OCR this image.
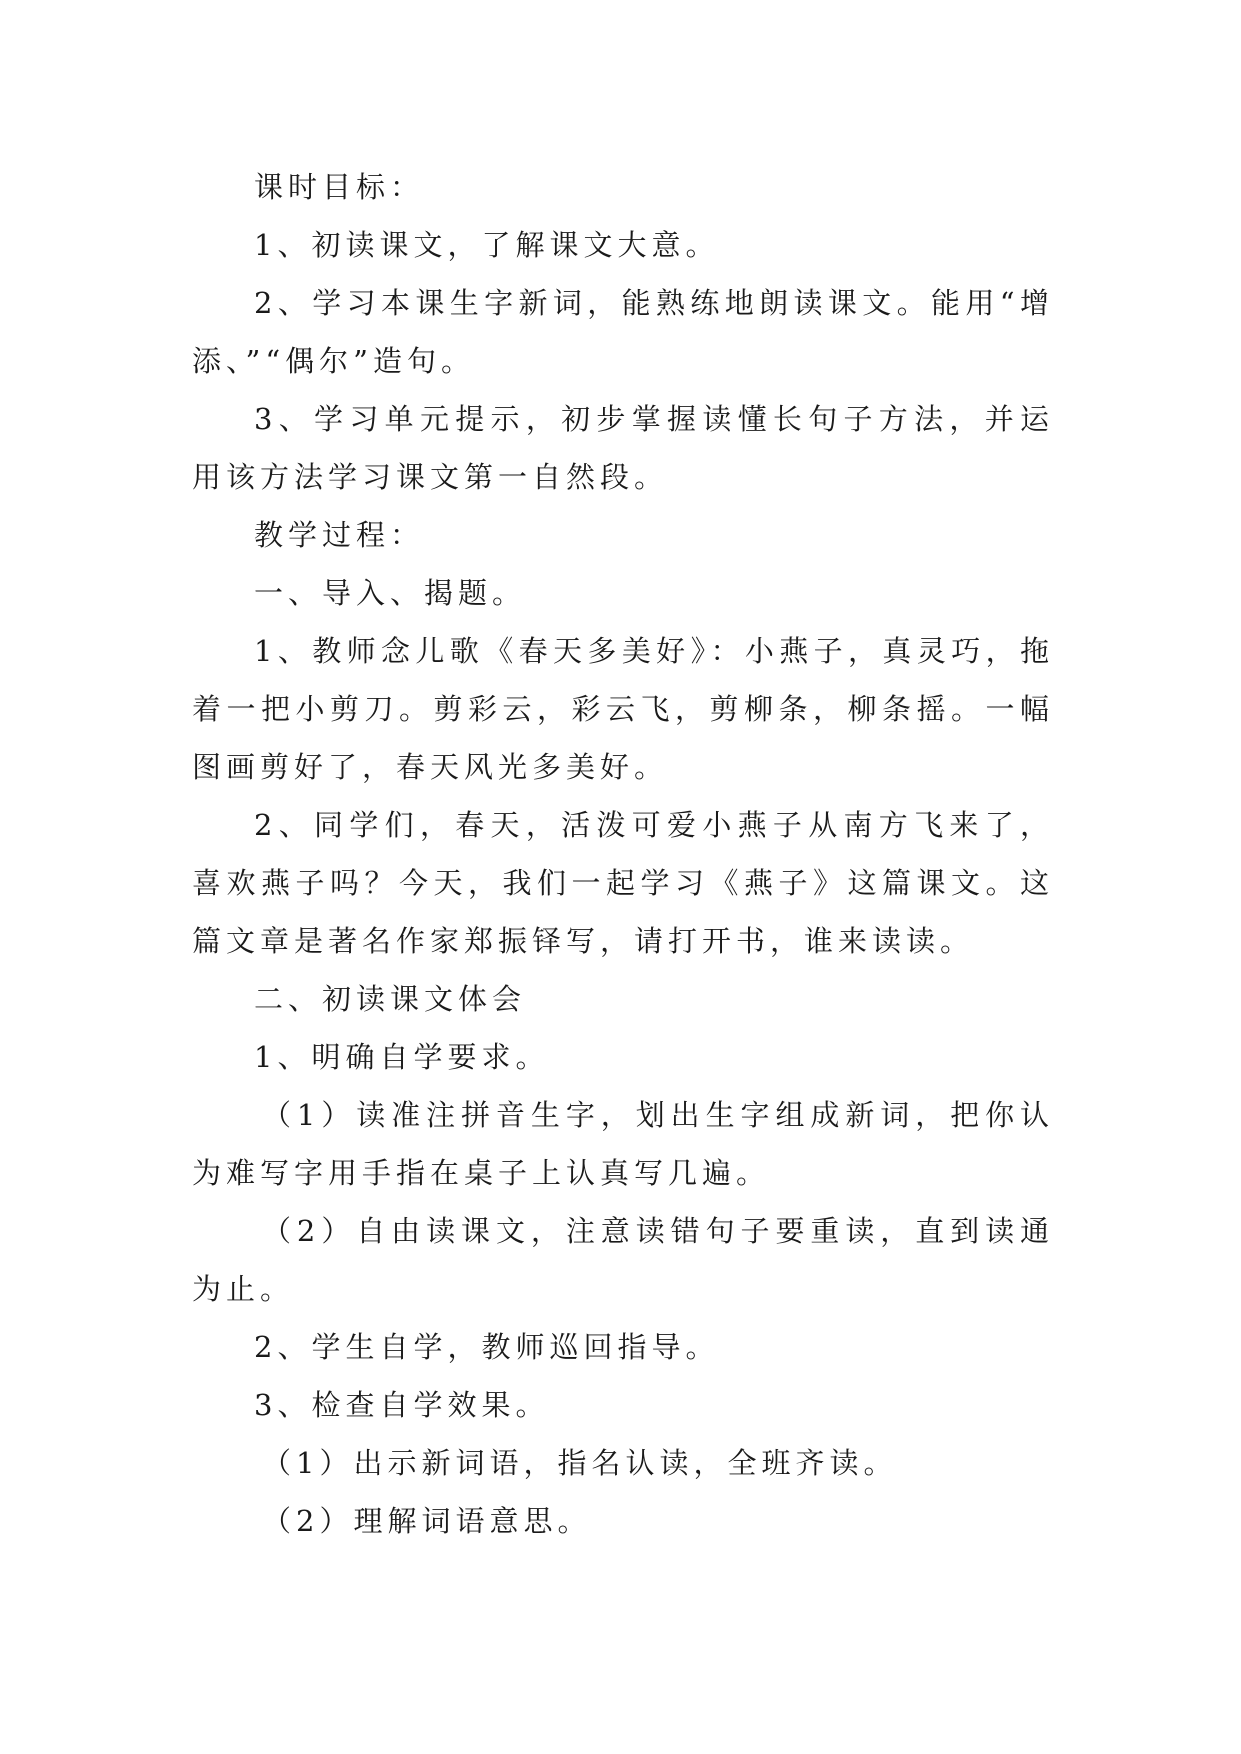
课时目标：

1、初读课文，了解课文大意。

2、学习本课生字新词，能熟练地朗读课文。能用“增添、”“偶尔”造句。

3、学习单元提示，初步掌握读懂长句子方法，并运用该方法学习课文第一自然段。

教学过程：

一、导入、揭题。

1、教师念儿歌《春天多美好》：小燕子，真灵巧，拖着一把小剪刀。剪彩云，彩云飞，剪柳条，柳条摇。一幅图画剪好了，春天风光多美好。

2、同学们，春天，活泼可爱小燕子从南方飞来了，喜欢燕子吗？今天，我们一起学习《燕子》这篇课文。这篇文章是著名作家郑振铎写，请打开书，谁来读读。

二、初读课文体会

1、明确自学要求。

（1）读准注拼音生字，划出生字组成新词，把你认为难写字用手指在桌子上认真写几遍。

（2）自由读课文，注意读错句子要重读，直到读通为止。

2、学生自学，教师巡回指导。

3、检查自学效果。

（1）出示新词语，指名认读，全班齐读。

（2）理解词语意思。
